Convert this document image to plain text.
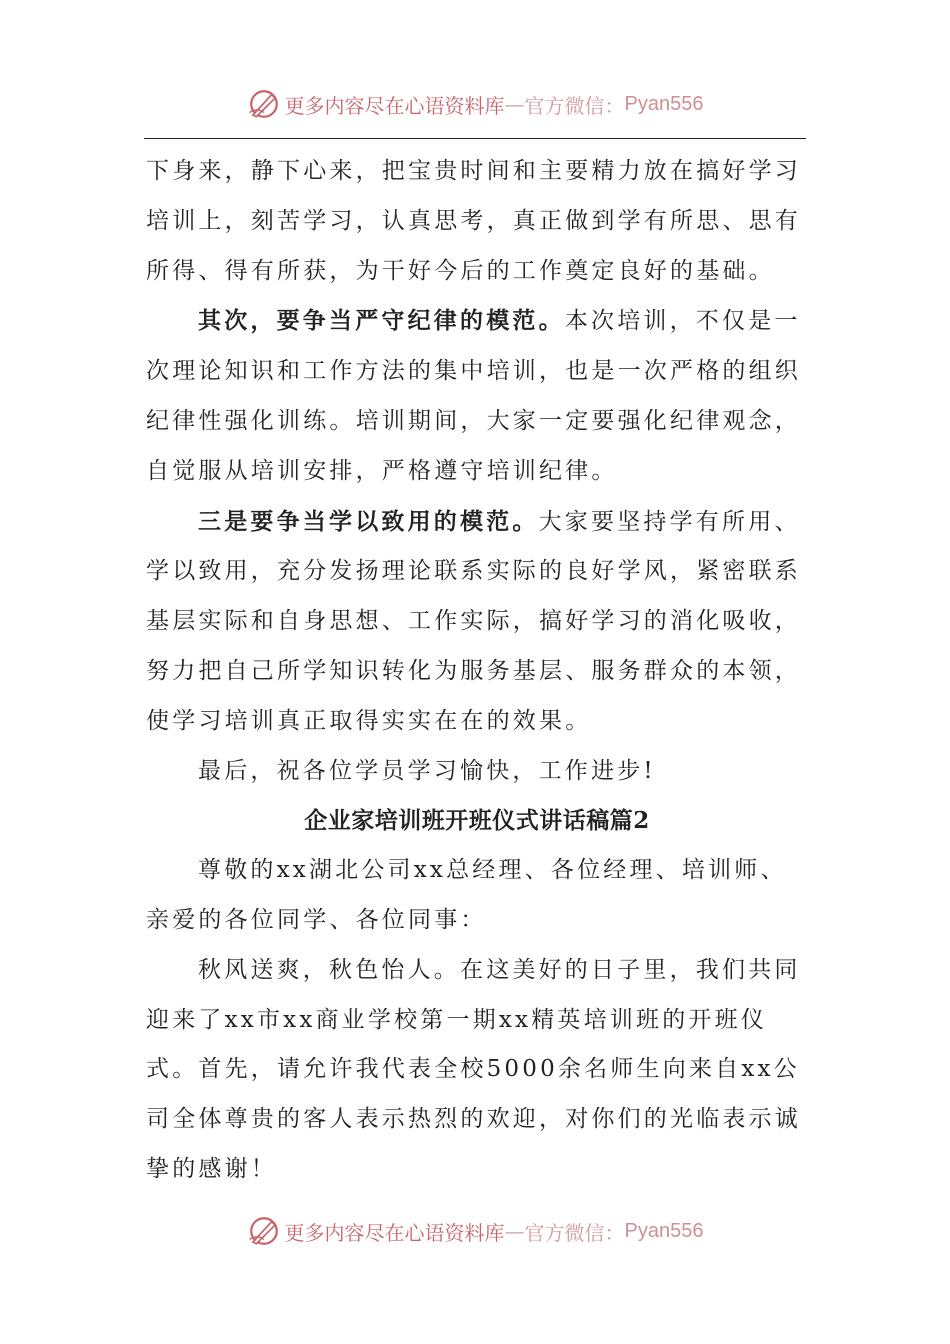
更多内容尽在心语资料库 — 官方微信： Pyan556

下身来，静下心来，把宝贵时间和主要精力放在搞好学习培训上，刻苦学习，认真思考，真正做到学有所思、思有所得、得有所获，为干好今后的工作奠定良好的基础。

其次，要争当严守纪律的模范。本次培训，不仅是一次理论知识和工作方法的集中培训，也是一次严格的组织纪律性强化训练。培训期间，大家一定要强化纪律观念，自觉服从培训安排，严格遵守培训纪律。

三是要争当学以致用的模范。大家要坚持学有所用、学以致用，充分发扬理论联系实际的良好学风，紧密联系基层实际和自身思想、工作实际，搞好学习的消化吸收，努力把自己所学知识转化为服务基层、服务群众的本领，使学习培训真正取得实实在在的效果。

最后，祝各位学员学习愉快，工作进步!

企业家培训班开班仪式讲话稿篇2

尊敬的xx湖北公司xx总经理、各位经理、培训师、亲爱的各位同学、各位同事：

秋风送爽，秋色怡人。在这美好的日子里，我们共同迎来了xx市xx商业学校第一期xx精英培训班的开班仪式。首先，请允许我代表全校5000余名师生向来自xx公司全体尊贵的客人表示热烈的欢迎，对你们的光临表示诚挚的感谢！

更多内容尽在心语资料库 — 官方微信： Pyan556
